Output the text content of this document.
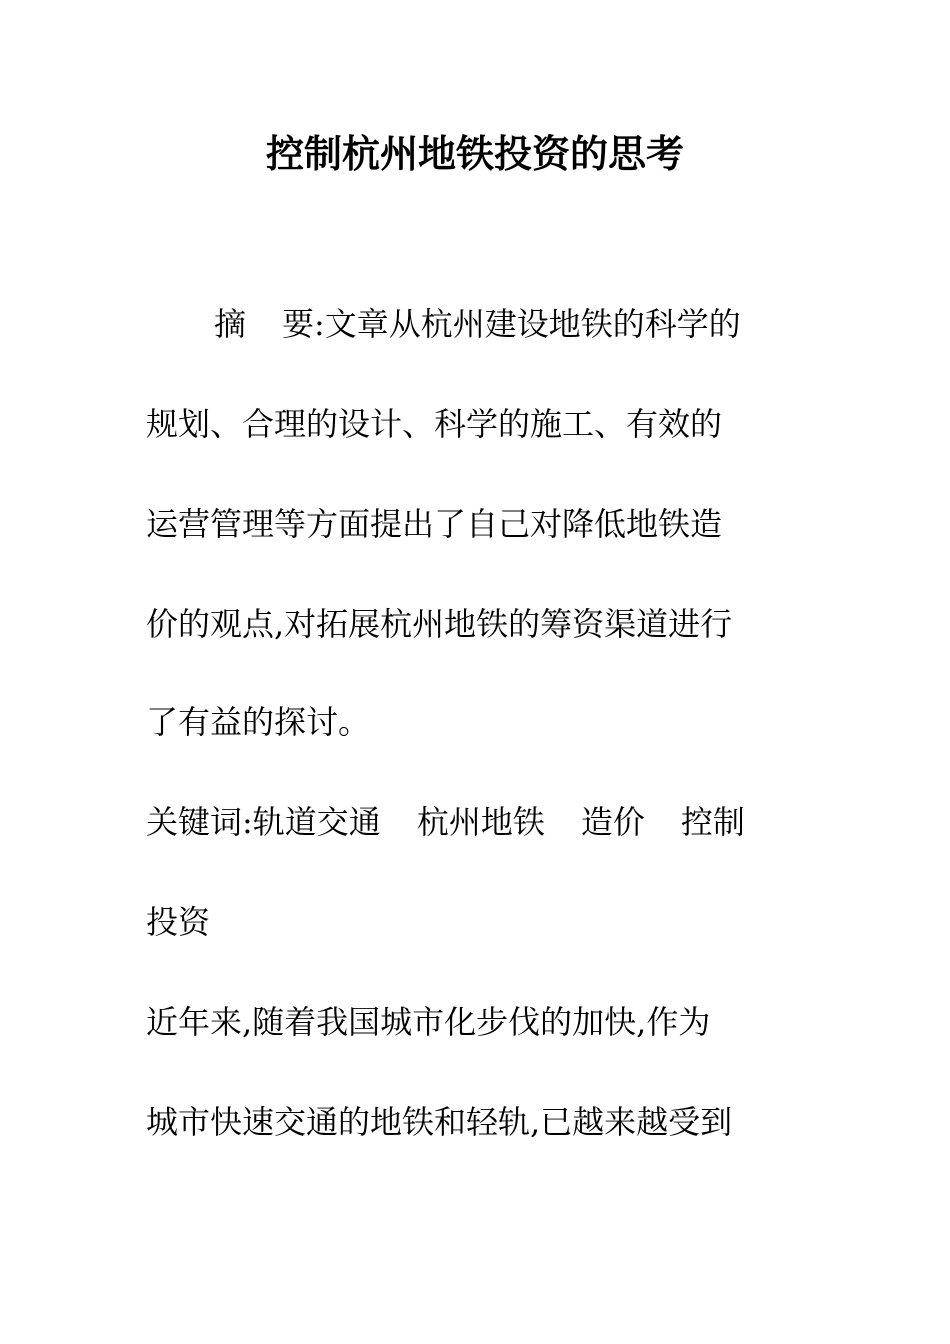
控制杭州地铁投资的思考
摘 要:文章从杭州建设地铁的科学的
规划、合理的设计、科学的施工、有效的
运营管理等方面提出了自己对降低地铁造
价的观点,对拓展杭州地铁的筹资渠道进行
了有益的探讨。
关键词:轨道交通 杭州地铁 造价 控制
投资
近年来,随着我国城市化步伐的加快,作为
城市快速交通的地铁和轻轨,已越来越受到
